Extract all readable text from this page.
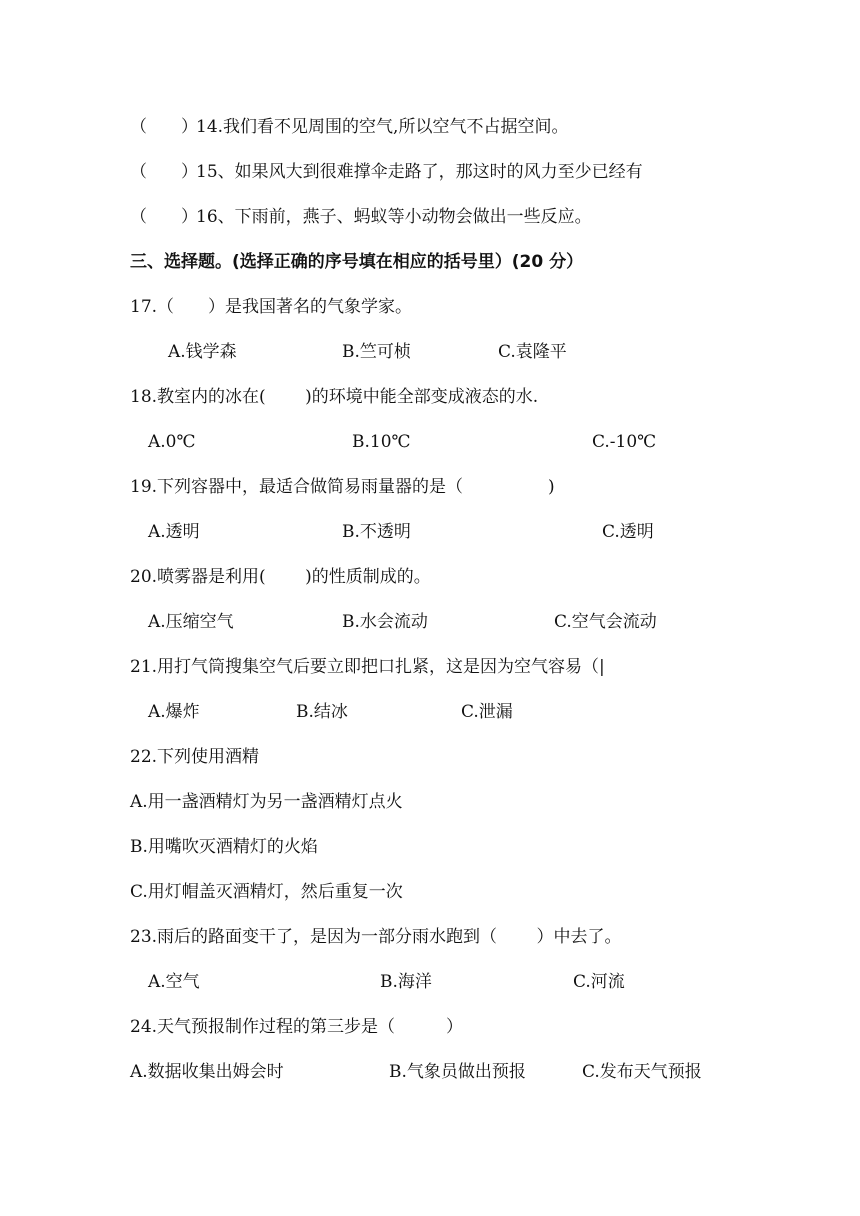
（　　）
14.我们看不见周围的空气,所以空气不占据空间。
（　　）
15、如果风大到很难撑伞走路了，那这时的风力至少已经有
（　　）
16、下雨前，燕子、蚂蚁等小动物会做出一些反应。
三、选择题。(选择正确的序号填在相应的括号里）(20 分）
17.（　　）是我国著名的气象学家。
A.钱学森	B.竺可桢	C.袁隆平
18.教室内的冰在(　　 )的环境中能全部变成液态的水.
A.0℃	B.10℃	C.-10℃
19.下列容器中，最适合做简易雨量器的是（　　　　　)
A.透明	B.不透明	C.透明
20.喷雾器是利用(　　 )的性质制成的。
A.压缩空气	B.水会流动	C.空气会流动
21.用打气筒搜集空气后要立即把口扎紧，这是因为空气容易（|
A.爆炸	B.结冰	C.泄漏
22.下列使用酒精
A.用一盏酒精灯为另一盏酒精灯点火
B.用嘴吹灭酒精灯的火焰
C.用灯帽盖灭酒精灯，然后重复一次
23.雨后的路面变干了，是因为一部分雨水跑到（　　 ）中去了。
A.空气	B.海洋	C.河流
24.天气预报制作过程的第三步是（　　　）
A.数据收集出姆会时	B.气象员做出预报	C.发布天气预报
